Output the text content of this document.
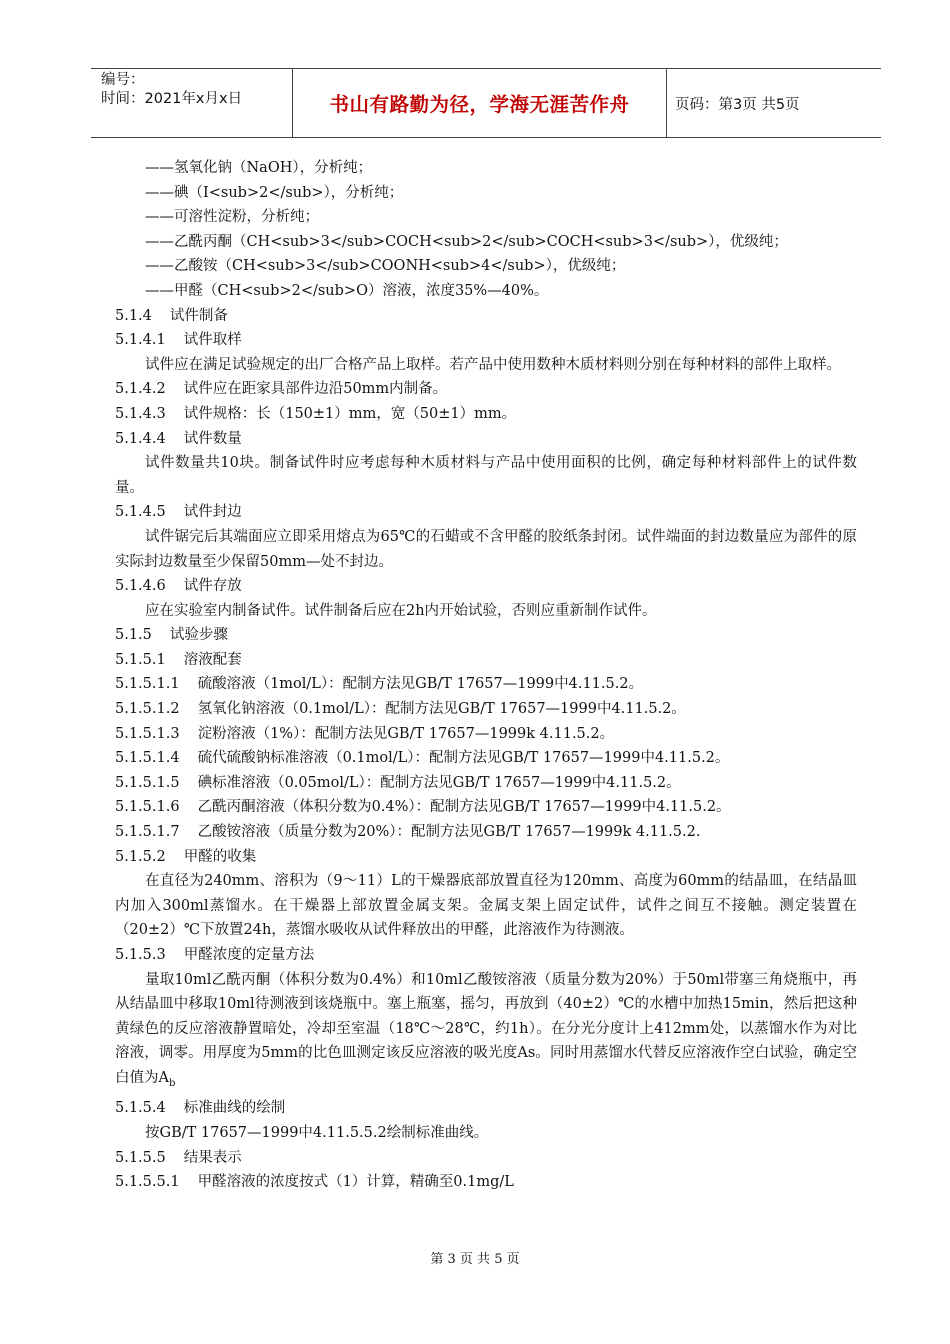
编号：
时间：2021年x月x日	书山有路勤为径，学海无涯苦作舟	页码：第3页 共5页
——氢氧化钠（NaOH），分析纯；
——碘（I<sub>2</sub>），分析纯；
——可溶性淀粉，分析纯；
——乙酰丙酮（CH<sub>3</sub>COCH<sub>2</sub>COCH<sub>3</sub>），优级纯；
——乙酸铵（CH<sub>3</sub>COONH<sub>4</sub>），优级纯；
——甲醛（CH<sub>2</sub>O）溶液，浓度35%—40%。
5.1.4 试件制备
5.1.4.1 试件取样
试件应在满足试验规定的出厂合格产品上取样。若产品中使用数种木质材料则分别在每种材料的部件上取样。
5.1.4.2 试件应在距家具部件边沿50mm内制备。
5.1.4.3 试件规格：长（150±1）mm，宽（50±1）mm。
5.1.4.4 试件数量
试件数量共10块。制备试件时应考虑每种木质材料与产品中使用面积的比例，确定每种材料部件上的试件数量。
5.1.4.5 试件封边
试件锯完后其端面应立即采用熔点为65℃的石蜡或不含甲醛的胶纸条封闭。试件端面的封边数量应为部件的原实际封边数量至少保留50mm—处不封边。
5.1.4.6 试件存放
应在实验室内制备试件。试件制备后应在2h内开始试验，否则应重新制作试件。
5.1.5 试验步骤
5.1.5.1 溶液配套
5.1.5.1.1 硫酸溶液（1mol/L）：配制方法见GB/T 17657—1999中4.11.5.2。
5.1.5.1.2 氢氧化钠溶液（0.1mol/L）：配制方法见GB/T 17657—1999中4.11.5.2。
5.1.5.1.3 淀粉溶液（1%）：配制方法见GB/T 17657—1999k 4.11.5.2。
5.1.5.1.4 硫代硫酸钠标准溶液（0.1mol/L）：配制方法见GB/T 17657—1999中4.11.5.2。
5.1.5.1.5 碘标准溶液（0.05mol/L）：配制方法见GB/T 17657—1999中4.11.5.2。
5.1.5.1.6 乙酰丙酮溶液（体积分数为0.4%）：配制方法见GB/T 17657—1999中4.11.5.2。
5.1.5.1.7 乙酸铵溶液（质量分数为20%）：配制方法见GB/T 17657—1999k 4.11.5.2.
5.1.5.2 甲醛的收集
在直径为240mm、溶积为（9～11）L的干燥器底部放置直径为120mm、高度为60mm的结晶皿，在结晶皿内加入300ml蒸馏水。在干燥器上部放置金属支架。金属支架上固定试件，试件之间互不接触。测定装置在（20±2）℃下放置24h，蒸馏水吸收从试件释放出的甲醛，此溶液作为待测液。
5.1.5.3 甲醛浓度的定量方法
量取10ml乙酰丙酮（体积分数为0.4%）和10ml乙酸铵溶液（质量分数为20%）于50ml带塞三角烧瓶中，再从结晶皿中移取10ml待测液到该烧瓶中。塞上瓶塞，摇匀，再放到（40±2）℃的水槽中加热15min，然后把这种黄绿色的反应溶液静置暗处，冷却至室温（18℃～28℃，约1h）。在分光分度计上412mm处，以蒸馏水作为对比溶液，调零。用厚度为5mm的比色皿测定该反应溶液的吸光度As。同时用蒸馏水代替反应溶液作空白试验，确定空白值为$A_b$
5.1.5.4 标准曲线的绘制
按GB/T 17657—1999中4.11.5.5.2绘制标准曲线。
5.1.5.5 结果表示
5.1.5.5.1 甲醛溶液的浓度按式（1）计算，精确至0.1mg/L
第 3 页 共 5 页
